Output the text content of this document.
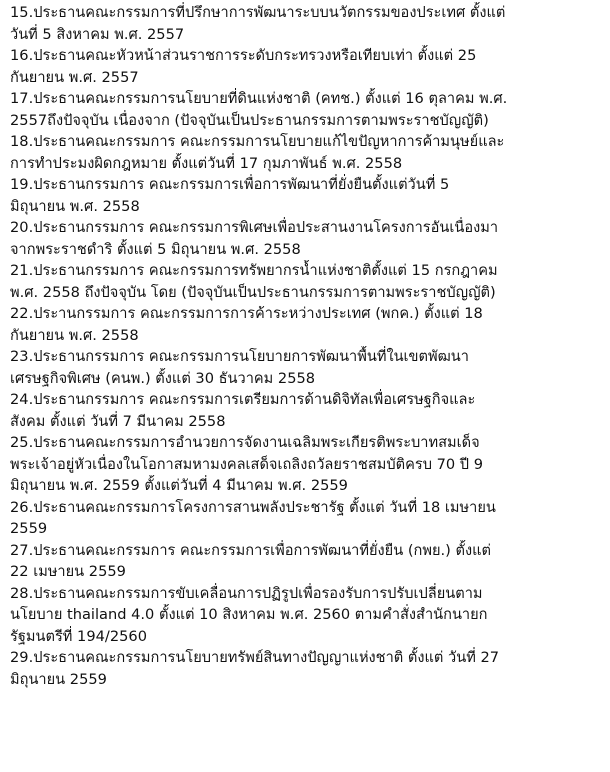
15.ประธานคณะกรรมการที่ปรึกษาการพัฒนาระบบนวัตกรรมของประเทศ ตั้งแต่
วันที่ 5 สิงหาคม พ.ศ. 2557
16.ประธานคณะหัวหน้าส่วนราชการระดับกระทรวงหรือเทียบเท่า ตั้งแต่ 25
กันยายน พ.ศ. 2557
17.ประธานคณะกรรมการนโยบายที่ดินแห่งชาติ (คทช.) ตั้งแต่ 16 ตุลาคม พ.ศ.
2557ถึงปัจจุบัน เนื่องจาก (ปัจจุบันเป็นประธานกรรมการตามพระราชบัญญัติ)
18.ประธานคณะกรรมการ คณะกรรมการนโยบายแก้ไขปัญหาการค้ามนุษย์และ
การทำประมงผิดกฎหมาย ตั้งแต่วันที่ 17 กุมภาพันธ์ พ.ศ. 2558
19.ประธานกรรมการ คณะกรรมการเพื่อการพัฒนาที่ยั่งยืนตั้งแต่วันที่ 5
มิถุนายน พ.ศ. 2558
20.ประธานกรรมการ คณะกรรมการพิเศษเพื่อประสานงานโครงการอันเนื่องมา
จากพระราชดำริ ตั้งแต่ 5 มิถุนายน พ.ศ. 2558
21.ประธานกรรมการ คณะกรรมการทรัพยากรน้ำแห่งชาติตั้งแต่ 15 กรกฎาคม
พ.ศ. 2558 ถึงปัจจุบัน โดย (ปัจจุบันเป็นประธานกรรมการตามพระราชบัญญัติ)
22.ประานกรรมการ คณะกรรมการการค้าระหว่างประเทศ (พกค.) ตั้งแต่ 18
กันยายน พ.ศ. 2558
23.ประธานกรรมการ คณะกรรมการนโยบายการพัฒนาพื้นที่ในเขตพัฒนา
เศรษฐกิจพิเศษ (คนพ.) ตั้งแต่ 30 ธันวาคม 2558
24.ประธานกรรมการ คณะกรรมการเตรียมการด้านดิจิทัลเพื่อเศรษฐกิจและ
สังคม ตั้งแต่ วันที่ 7 มีนาคม 2558
25.ประธานคณะกรรมการอำนวยการจัดงานเฉลิมพระเกียรติพระบาทสมเด็จ
พระเจ้าอยู่หัวเนื่องในโอกาสมหามงคลเสด็จเถลิงถวัลยราชสมบัติครบ 70 ปี 9
มิถุนายน พ.ศ. 2559 ตั้งแต่วันที่ 4 มีนาคม พ.ศ. 2559
26.ประธานคณะกรรมการโครงการสานพลังประชารัฐ ตั้งแต่ วันที่ 18 เมษายน
2559
27.ประธานคณะกรรมการ คณะกรรมการเพื่อการพัฒนาที่ยั่งยืน (กพย.) ตั้งแต่
22 เมษายน 2559
28.ประธานคณะกรรมการขับเคลื่อนการปฏิรูปเพื่อรองรับการปรับเปลี่ยนตาม
นโยบาย thailand 4.0 ตั้งแต่ 10 สิงหาคม พ.ศ. 2560 ตามคำสั่งสำนักนายก
รัฐมนตรีที่ 194/2560
29.ประธานคณะกรรมการนโยบายทรัพย์สินทางปัญญาแห่งชาติ ตั้งแต่ วันที่ 27
มิถุนายน 2559
